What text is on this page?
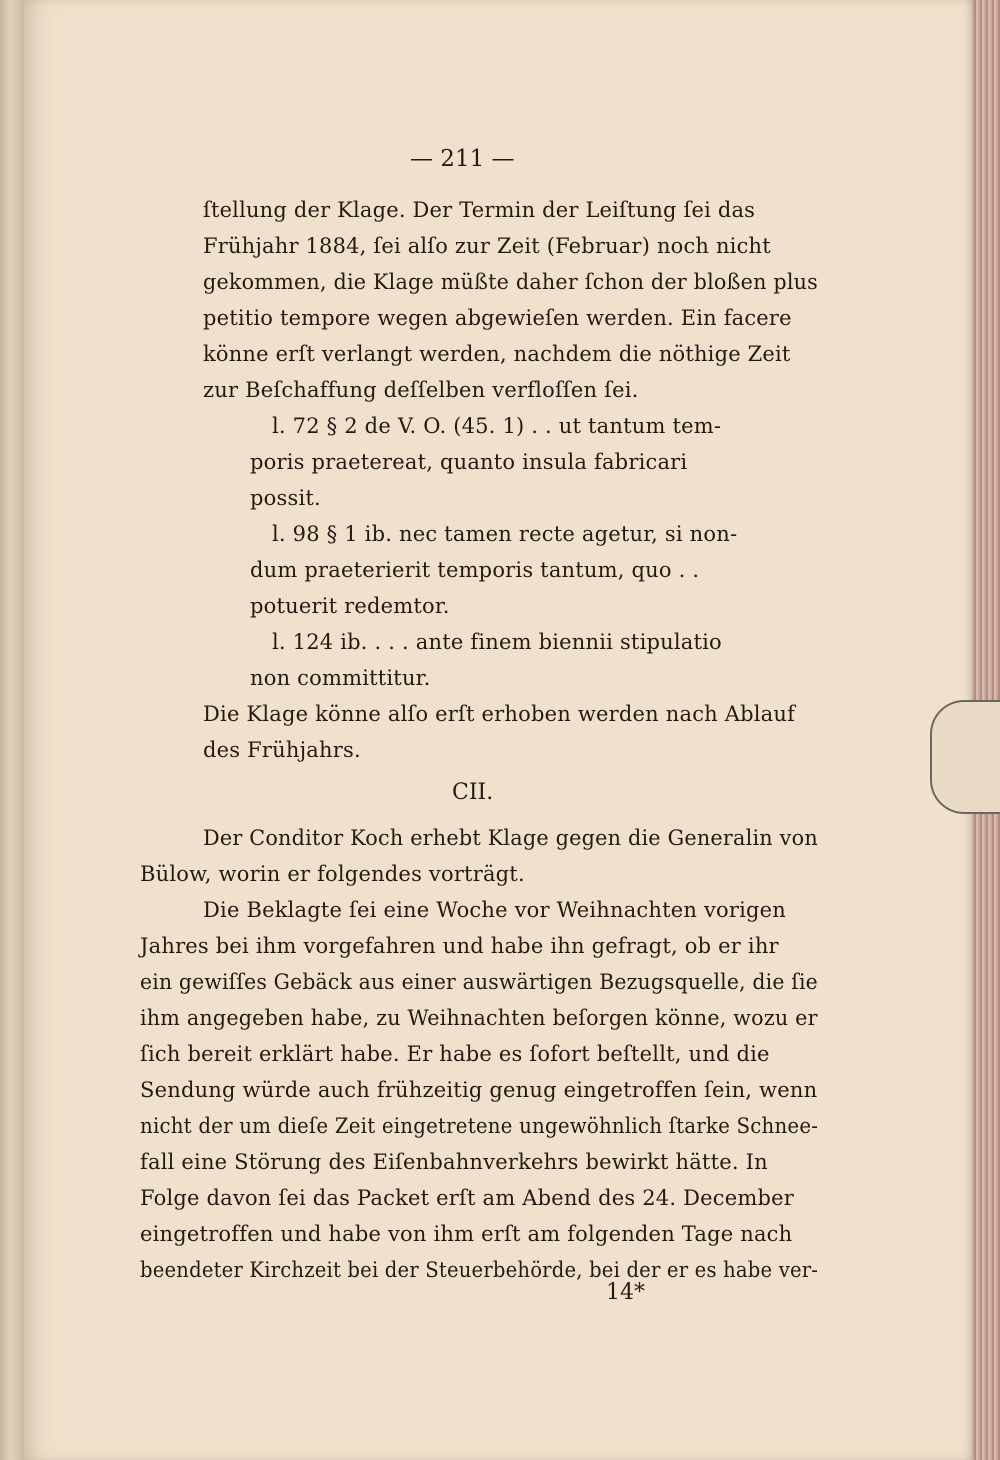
— 211 —
ſtellung der Klage. Der Termin der Leiſtung ſei das
Frühjahr 1884, ſei alſo zur Zeit (Februar) noch nicht
gekommen, die Klage müßte daher ſchon der bloßen plus
petitio tempore wegen abgewieſen werden. Ein facere
könne erſt verlangt werden, nachdem die nöthige Zeit
zur Beſchaffung deſſelben verfloſſen ſei.
l. 72 § 2 de V. O. (45. 1) . . ut tantum tem-
poris praetereat, quanto insula fabricari
possit.
l. 98 § 1 ib. nec tamen recte agetur, si non-
dum praeterierit temporis tantum, quo . .
potuerit redemtor.
l. 124 ib. . . . ante finem biennii stipulatio
non committitur.
Die Klage könne alſo erſt erhoben werden nach Ablauf
des Frühjahrs.
CII.
Der Conditor Koch erhebt Klage gegen die Generalin von
Bülow, worin er folgendes vorträgt.
Die Beklagte ſei eine Woche vor Weihnachten vorigen
Jahres bei ihm vorgefahren und habe ihn gefragt, ob er ihr
ein gewiſſes Gebäck aus einer auswärtigen Bezugsquelle, die ſie
ihm angegeben habe, zu Weihnachten beſorgen könne, wozu er
ſich bereit erklärt habe. Er habe es ſofort beſtellt, und die
Sendung würde auch frühzeitig genug eingetroffen ſein, wenn
nicht der um dieſe Zeit eingetretene ungewöhnlich ſtarke Schnee-
fall eine Störung des Eiſenbahnverkehrs bewirkt hätte. In
Folge davon ſei das Packet erſt am Abend des 24. December
eingetroffen und habe von ihm erſt am folgenden Tage nach
beendeter Kirchzeit bei der Steuerbehörde, bei der er es habe ver-
14*
